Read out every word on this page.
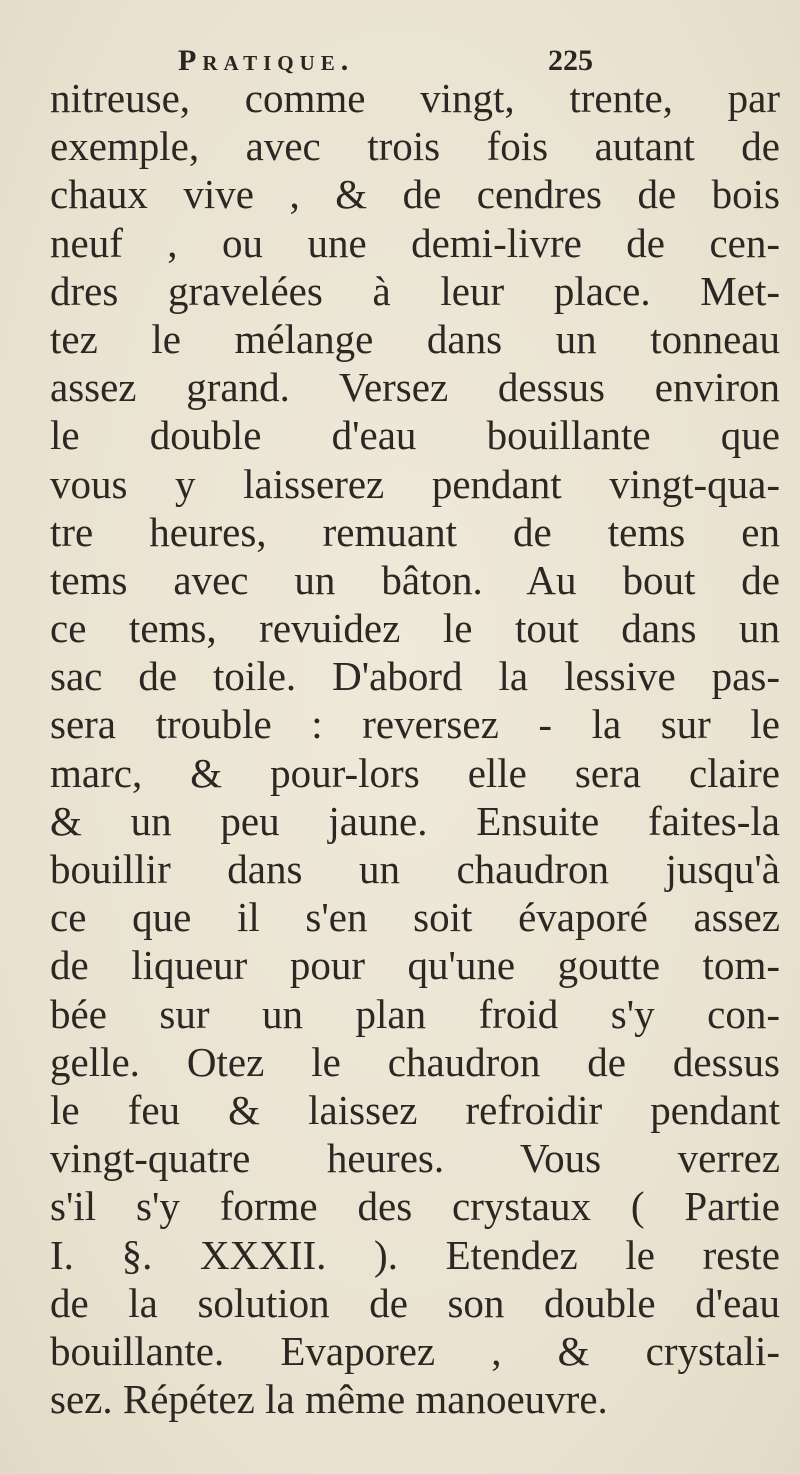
Pratique.	225
nitreuse, comme vingt, trente, par
exemple, avec trois fois autant de
chaux vive , & de cendres de bois
neuf , ou une demi-livre de cen-
dres gravelées à leur place. Met-
tez le mélange dans un tonneau
assez grand. Versez dessus environ
le double d'eau bouillante que
vous y laisserez pendant vingt-qua-
tre heures, remuant de tems en
tems avec un bâton. Au bout de
ce tems, revuidez le tout dans un
sac de toile. D'abord la lessive pas-
sera trouble : reversez - la sur le
marc, & pour-lors elle sera claire
& un peu jaune. Ensuite faites-la
bouillir dans un chaudron jusqu'à
ce que il s'en soit évaporé assez
de liqueur pour qu'une goutte tom-
bée sur un plan froid s'y con-
gelle. Otez le chaudron de dessus
le feu & laissez refroidir pendant
vingt-quatre heures. Vous verrez
s'il s'y forme des crystaux ( Partie
I. §. XXXII. ). Etendez le reste
de la solution de son double d'eau
bouillante. Evaporez , & crystali-
sez. Répétez la même manoeuvre.
